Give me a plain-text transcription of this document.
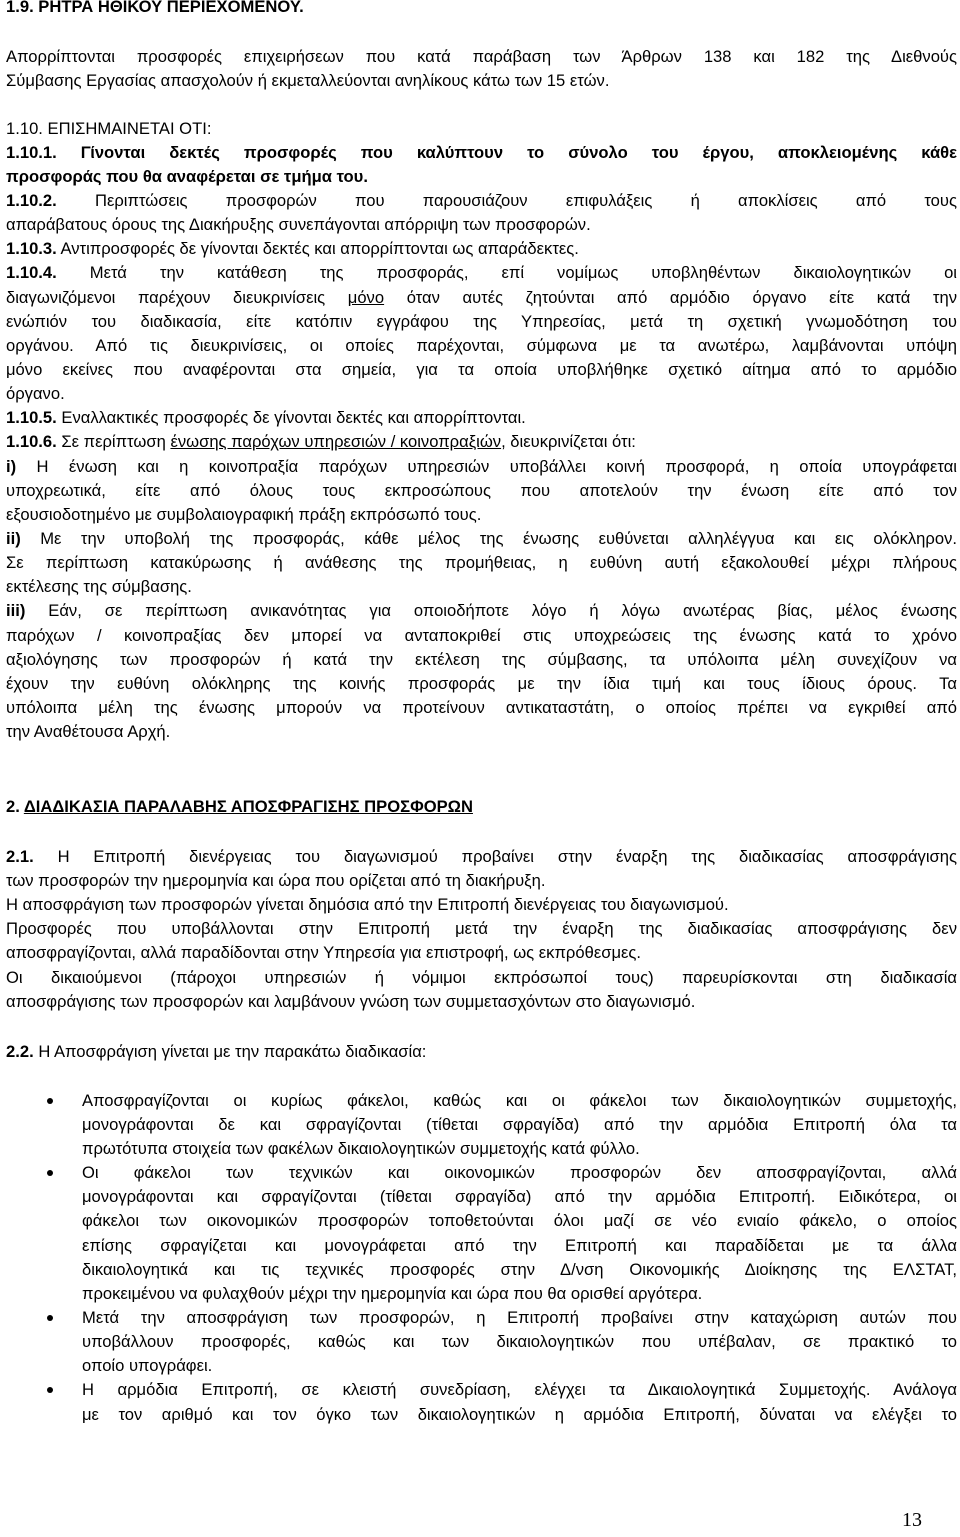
1.9. ΡΗΤΡΑ ΗΘΙΚΟΥ ΠΕΡΙΕΧΟΜΕΝΟΥ.
Απορρίπτονται προσφορές επιχειρήσεων που κατά παράβαση των Άρθρων 138 και 182 της Διεθνούς
Σύμβασης Εργασίας απασχολούν ή εκμεταλλεύονται ανηλίκους κάτω των 15 ετών.
1.10. ΕΠΙΣΗΜΑΙΝΕΤΑΙ ΟΤΙ:
1.10.1. Γίνονται δεκτές προσφορές που καλύπτουν το σύνολο του έργου, αποκλειομένης κάθε
προσφοράς που θα αναφέρεται σε τμήμα του.
1.10.2. Περιπτώσεις προσφορών που παρουσιάζουν επιφυλάξεις ή αποκλίσεις από τους
απαράβατους όρους της Διακήρυξης συνεπάγονται απόρριψη των προσφορών.
1.10.3. Αντιπροσφορές δε γίνονται δεκτές και απορρίπτονται ως απαράδεκτες.
1.10.4. Μετά την κατάθεση της προσφοράς, επί νομίμως υποβληθέντων δικαιολογητικών οι
διαγωνιζόμενοι παρέχουν διευκρινίσεις μόνο όταν αυτές ζητούνται από αρμόδιο όργανο είτε κατά την
ενώπιόν του διαδικασία, είτε κατόπιν εγγράφου της Υπηρεσίας, μετά τη σχετική γνωμοδότηση του
οργάνου. Από τις διευκρινίσεις, οι οποίες παρέχονται, σύμφωνα με τα ανωτέρω, λαμβάνονται υπόψη
μόνο εκείνες που αναφέρονται στα σημεία, για τα οποία υποβλήθηκε σχετικό αίτημα από το αρμόδιο
όργανο.
1.10.5. Εναλλακτικές προσφορές δε γίνονται δεκτές και απορρίπτονται.
1.10.6. Σε περίπτωση ένωσης παρόχων υπηρεσιών / κοινοπραξιών, διευκρινίζεται ότι:
i) Η ένωση και η κοινοπραξία παρόχων υπηρεσιών υποβάλλει κοινή προσφορά, η οποία υπογράφεται
υποχρεωτικά, είτε από όλους τους εκπροσώπους που αποτελούν την ένωση είτε από τον
εξουσιοδοτημένο με συμβολαιογραφική πράξη εκπρόσωπό τους.
ii) Με την υποβολή της προσφοράς, κάθε μέλος της ένωσης ευθύνεται αλληλέγγυα και εις ολόκληρον.
Σε περίπτωση κατακύρωσης ή ανάθεσης της προμήθειας, η ευθύνη αυτή εξακολουθεί μέχρι πλήρους
εκτέλεσης της σύμβασης.
iii) Εάν, σε περίπτωση ανικανότητας για οποιοδήποτε λόγο ή λόγω ανωτέρας βίας, μέλος ένωσης
παρόχων / κοινοπραξίας δεν μπορεί να ανταποκριθεί στις υποχρεώσεις της ένωσης κατά το χρόνο
αξιολόγησης των προσφορών ή κατά την εκτέλεση της σύμβασης, τα υπόλοιπα μέλη συνεχίζουν να
έχουν την ευθύνη ολόκληρης της κοινής προσφοράς με την ίδια τιμή και τους ίδιους όρους. Τα
υπόλοιπα μέλη της ένωσης μπορούν να προτείνουν αντικαταστάτη, ο οποίος πρέπει να εγκριθεί από
την Αναθέτουσα Αρχή.
2. ΔΙΑΔΙΚΑΣΙΑ ΠΑΡΑΛΑΒΗΣ ΑΠΟΣΦΡΑΓΙΣΗΣ ΠΡΟΣΦΟΡΩΝ
2.1. Η Επιτροπή διενέργειας του διαγωνισμού προβαίνει στην έναρξη της διαδικασίας αποσφράγισης
των προσφορών την ημερομηνία και ώρα που ορίζεται από τη διακήρυξη.
Η αποσφράγιση των προσφορών γίνεται δημόσια από την Επιτροπή διενέργειας του διαγωνισμού.
Προσφορές που υποβάλλονται στην Επιτροπή μετά την έναρξη της διαδικασίας αποσφράγισης δεν
αποσφραγίζονται, αλλά παραδίδονται στην Υπηρεσία για επιστροφή, ως εκπρόθεσμες.
Οι δικαιούμενοι (πάροχοι υπηρεσιών ή νόμιμοι εκπρόσωποί τους) παρευρίσκονται στη διαδικασία
αποσφράγισης των προσφορών και λαμβάνουν γνώση των συμμετασχόντων στο διαγωνισμό.
2.2. Η Αποσφράγιση γίνεται με την παρακάτω διαδικασία:
Αποσφραγίζονται οι κυρίως φάκελοι, καθώς και οι φάκελοι των δικαιολογητικών συμμετοχής,
μονογράφονται δε και σφραγίζονται (τίθεται σφραγίδα) από την αρμόδια Επιτροπή όλα τα
πρωτότυπα στοιχεία των φακέλων δικαιολογητικών συμμετοχής κατά φύλλο.
Οι φάκελοι των τεχνικών και οικονομικών προσφορών δεν αποσφραγίζονται, αλλά
μονογράφονται και σφραγίζονται (τίθεται σφραγίδα) από την αρμόδια Επιτροπή. Ειδικότερα, οι
φάκελοι των οικονομικών προσφορών τοποθετούνται όλοι μαζί σε νέο ενιαίο φάκελο, ο οποίος
επίσης σφραγίζεται και μονογράφεται από την Επιτροπή και παραδίδεται με τα άλλα
δικαιολογητικά και τις τεχνικές προσφορές στην Δ/νση Οικονομικής Διοίκησης της ΕΛΣΤΑΤ,
προκειμένου να φυλαχθούν μέχρι την ημερομηνία και ώρα που θα ορισθεί αργότερα.
Μετά την αποσφράγιση των προσφορών, η Επιτροπή προβαίνει στην καταχώριση αυτών που
υποβάλλουν προσφορές, καθώς και των δικαιολογητικών που υπέβαλαν, σε πρακτικό το
οποίο υπογράφει.
Η αρμόδια Επιτροπή, σε κλειστή συνεδρίαση, ελέγχει τα Δικαιολογητικά Συμμετοχής. Ανάλογα
με τον αριθμό και τον όγκο των δικαιολογητικών η αρμόδια Επιτροπή, δύναται να ελέγξει το
13
